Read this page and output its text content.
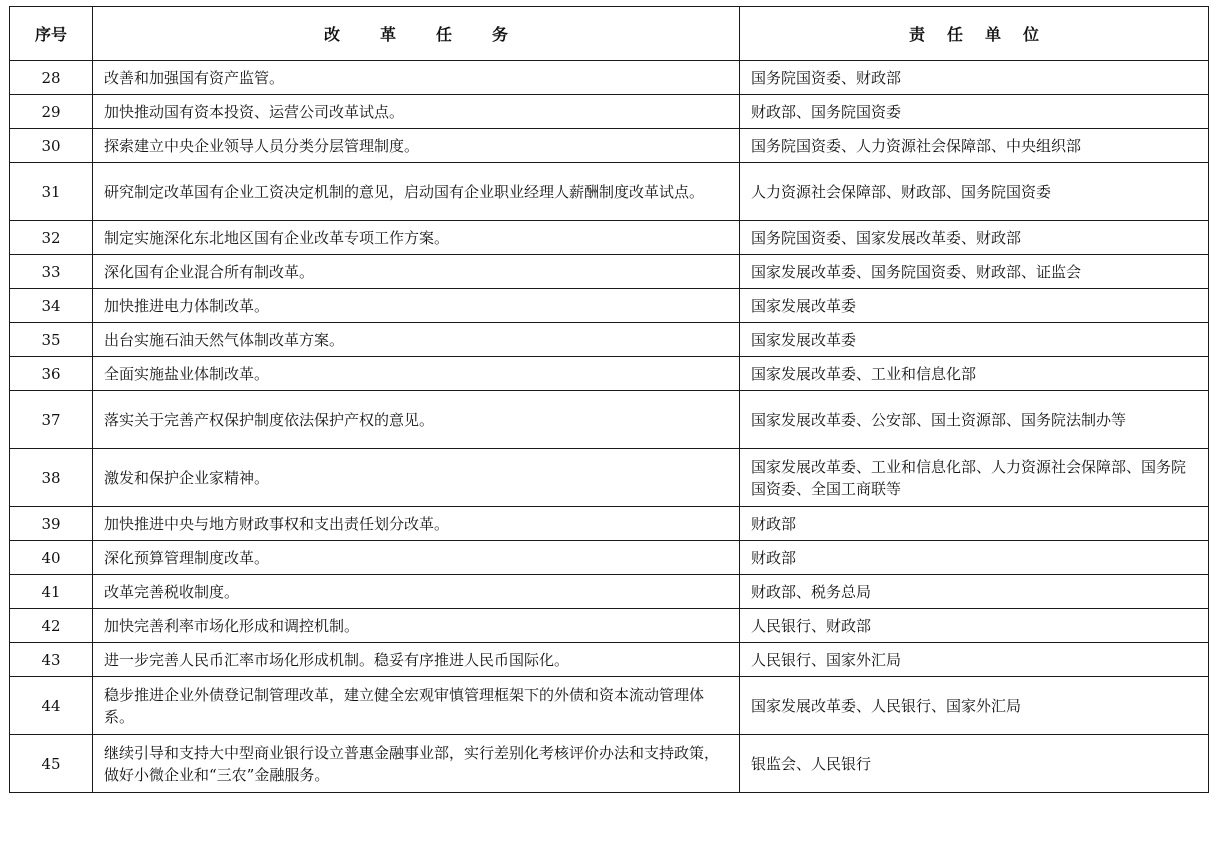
序号	改革任务	责任单位
28	改善和加强国有资产监管。	国务院国资委、财政部
29	加快推动国有资本投资、运营公司改革试点。	财政部、国务院国资委
30	探索建立中央企业领导人员分类分层管理制度。	国务院国资委、人力资源社会保障部、中央组织部
31	研究制定改革国有企业工资决定机制的意见，启动国有企业职业经理人薪酬制度改革试点。	人力资源社会保障部、财政部、国务院国资委
32	制定实施深化东北地区国有企业改革专项工作方案。	国务院国资委、国家发展改革委、财政部
33	深化国有企业混合所有制改革。	国家发展改革委、国务院国资委、财政部、证监会
34	加快推进电力体制改革。	国家发展改革委
35	出台实施石油天然气体制改革方案。	国家发展改革委
36	全面实施盐业体制改革。	国家发展改革委、工业和信息化部
37	落实关于完善产权保护制度依法保护产权的意见。	国家发展改革委、公安部、国土资源部、国务院法制办等
38	激发和保护企业家精神。	国家发展改革委、工业和信息化部、人力资源社会保障部、国务院国资委、全国工商联等
39	加快推进中央与地方财政事权和支出责任划分改革。	财政部
40	深化预算管理制度改革。	财政部
41	改革完善税收制度。	财政部、税务总局
42	加快完善利率市场化形成和调控机制。	人民银行、财政部
43	进一步完善人民币汇率市场化形成机制。稳妥有序推进人民币国际化。	人民银行、国家外汇局
44	稳步推进企业外债登记制管理改革，建立健全宏观审慎管理框架下的外债和资本流动管理体系。	国家发展改革委、人民银行、国家外汇局
45	继续引导和支持大中型商业银行设立普惠金融事业部，实行差别化考核评价办法和支持政策，做好小微企业和“三农”金融服务。	银监会、人民银行
